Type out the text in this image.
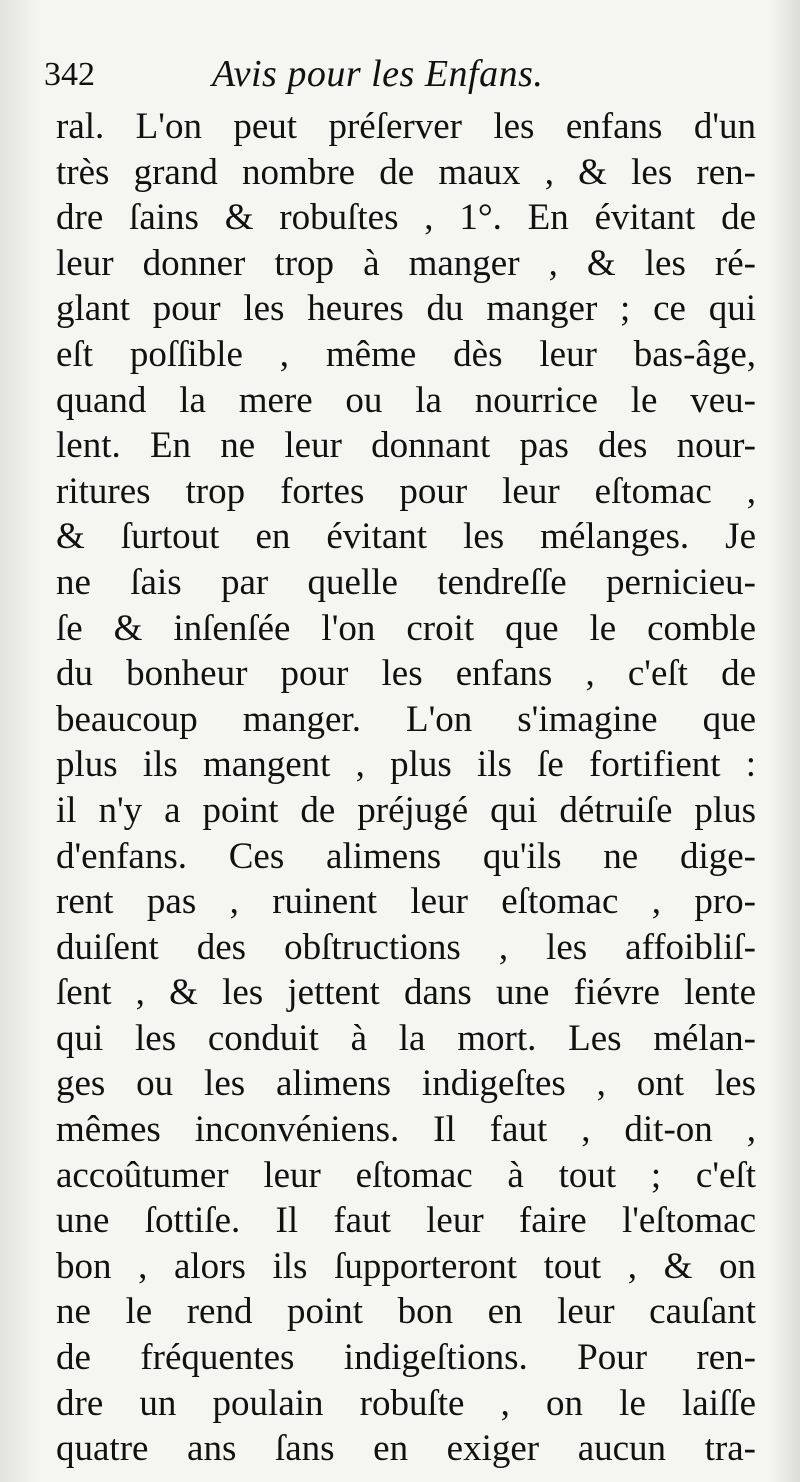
342	Avis pour les Enfans.
ral. L'on peut préſerver les enfans d'un
très grand nombre de maux , & les ren-
dre ſains & robuſtes , 1°. En évitant de
leur donner trop à manger , & les ré-
glant pour les heures du manger ; ce qui
eſt poſſible , même dès leur bas-âge,
quand la mere ou la nourrice le veu-
lent. En ne leur donnant pas des nour-
ritures trop fortes pour leur eſtomac ,
& ſurtout en évitant les mélanges. Je
ne ſais par quelle tendreſſe pernicieu-
ſe & inſenſée l'on croit que le comble
du bonheur pour les enfans , c'eſt de
beaucoup manger. L'on s'imagine que
plus ils mangent , plus ils ſe fortifient :
il n'y a point de préjugé qui détruiſe plus
d'enfans. Ces alimens qu'ils ne dige-
rent pas , ruinent leur eſtomac , pro-
duiſent des obſtructions , les affoibliſ-
ſent , & les jettent dans une fiévre lente
qui les conduit à la mort. Les mélan-
ges ou les alimens indigeſtes , ont les
mêmes inconvéniens. Il faut , dit-on ,
accoûtumer leur eſtomac à tout ; c'eſt
une ſottiſe. Il faut leur faire l'eſtomac
bon , alors ils ſupporteront tout , & on
ne le rend point bon en leur cauſant
de fréquentes indigeſtions. Pour ren-
dre un poulain robuſte , on le laiſſe
quatre ans ſans en exiger aucun tra-
